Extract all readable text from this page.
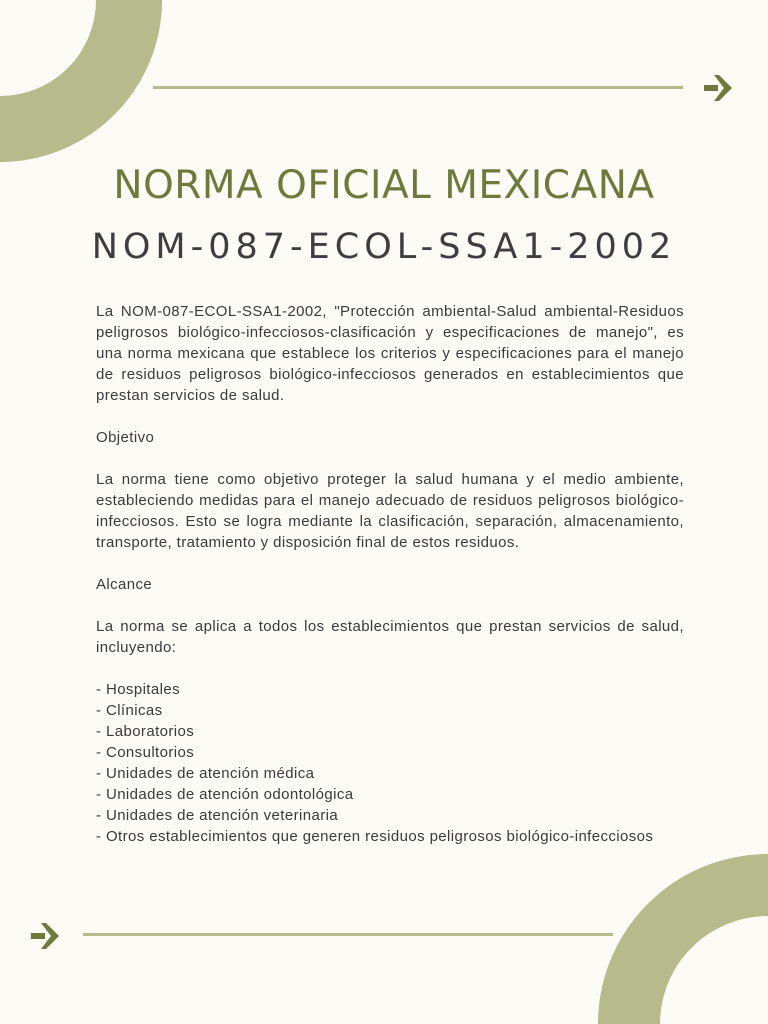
NORMA OFICIAL MEXICANA
NOM-087-ECOL-SSA1-2002

La NOM-087-ECOL-SSA1-2002, "Protección ambiental-Salud ambiental-Residuos peligrosos biológico-infecciosos-clasificación y especificaciones de manejo", es una norma mexicana que establece los criterios y especificaciones para el manejo de residuos peligrosos biológico-infecciosos generados en establecimientos que prestan servicios de salud.

Objetivo

La norma tiene como objetivo proteger la salud humana y el medio ambiente, estableciendo medidas para el manejo adecuado de residuos peligrosos biológico-infecciosos. Esto se logra mediante la clasificación, separación, almacenamiento, transporte, tratamiento y disposición final de estos residuos.

Alcance

La norma se aplica a todos los establecimientos que prestan servicios de salud, incluyendo:

- Hospitales
- Clínicas
- Laboratorios
- Consultorios
- Unidades de atención médica
- Unidades de atención odontológica
- Unidades de atención veterinaria
- Otros establecimientos que generen residuos peligrosos biológico-infecciosos
